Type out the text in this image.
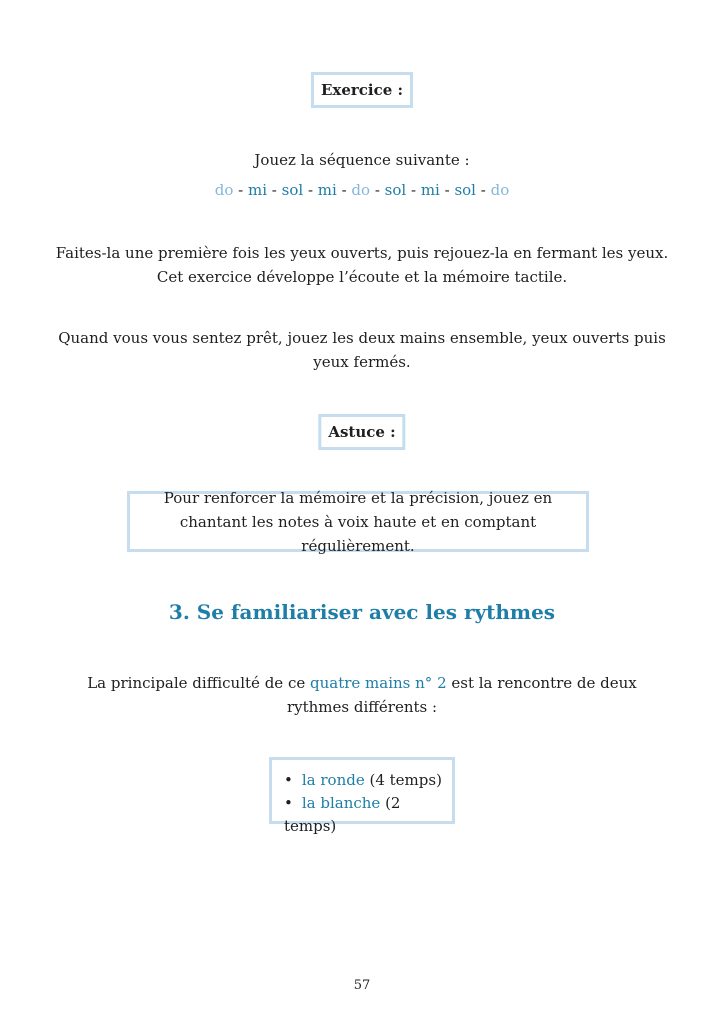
Exercice :
Jouez la séquence suivante :
do - mi - sol - mi - do - sol - mi - sol - do
Faites-la une première fois les yeux ouverts, puis rejouez-la en fermant les yeux. Cet exercice développe l’écoute et la mémoire tactile.
Quand vous vous sentez prêt, jouez les deux mains ensemble, yeux ouverts puis yeux fermés.
Astuce :
Pour renforcer la mémoire et la précision, jouez en chantant les notes à voix haute et en comptant régulièrement.
3. Se familiariser avec les rythmes
La principale difficulté de ce quatre mains n° 2 est la rencontre de deux rythmes différents :
• la ronde (4 temps)
• la blanche (2 temps)
57
